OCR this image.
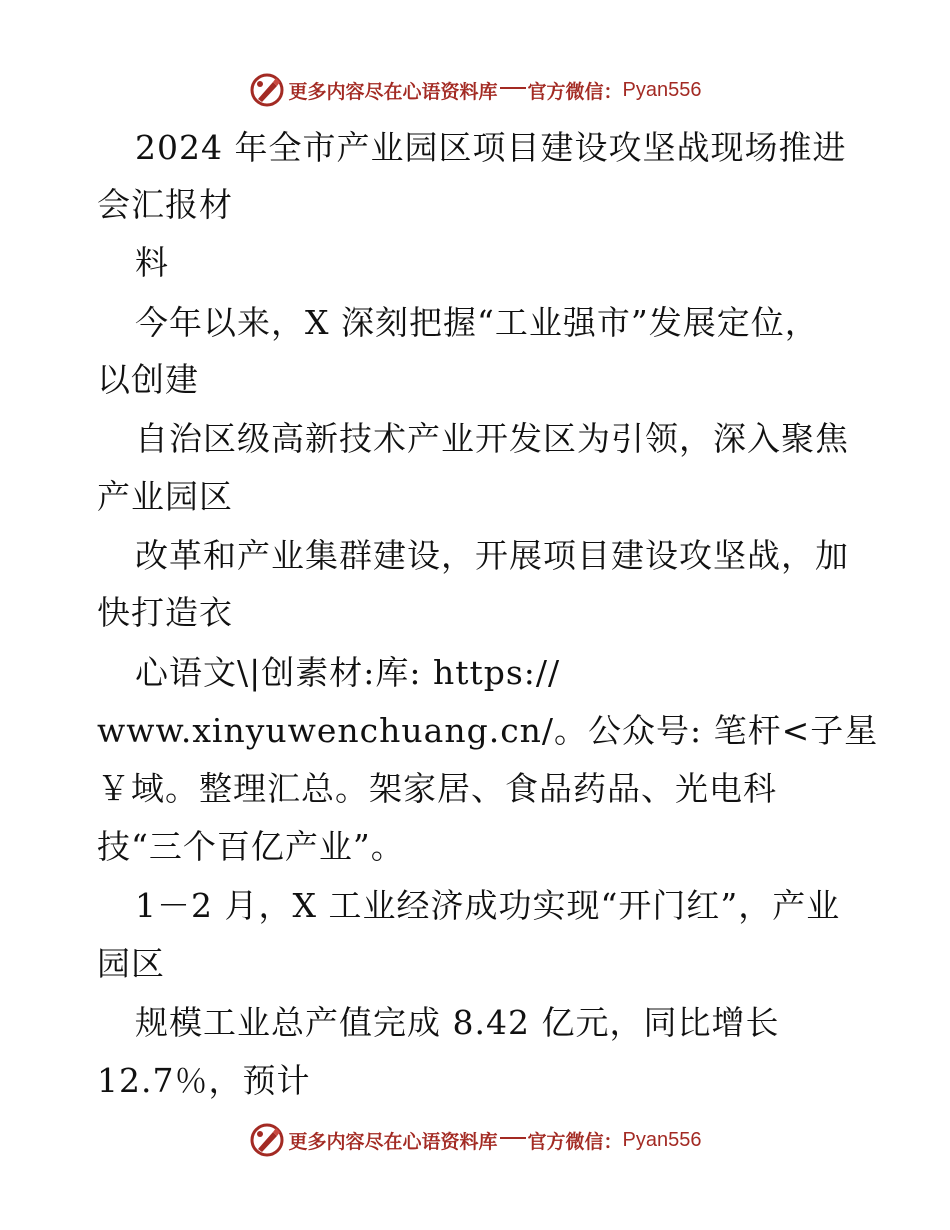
更多内容尽在心语资料库 官方微信： Pyan556
2024 年全市产业园区项目建设攻坚战现场推进
会汇报材
料
今年以来，X 深刻把握“工业强市”发展定位，
以创建
自治区级高新技术产业开发区为引领，深入聚焦
产业园区
改革和产业集群建设，开展项目建设攻坚战，加
快打造衣
心语文\|创素材:库: https://
www.xinyuwenchuang.cn/。公众号: 笔杆<子星
￥域。整理汇总。架家居、食品药品、光电科
技“三个百亿产业”。
1－2 月，X 工业经济成功实现“开门红”，产业
园区
规模工业总产值完成 8.42 亿元，同比增长
12.7％，预计
更多内容尽在心语资料库 官方微信： Pyan556
